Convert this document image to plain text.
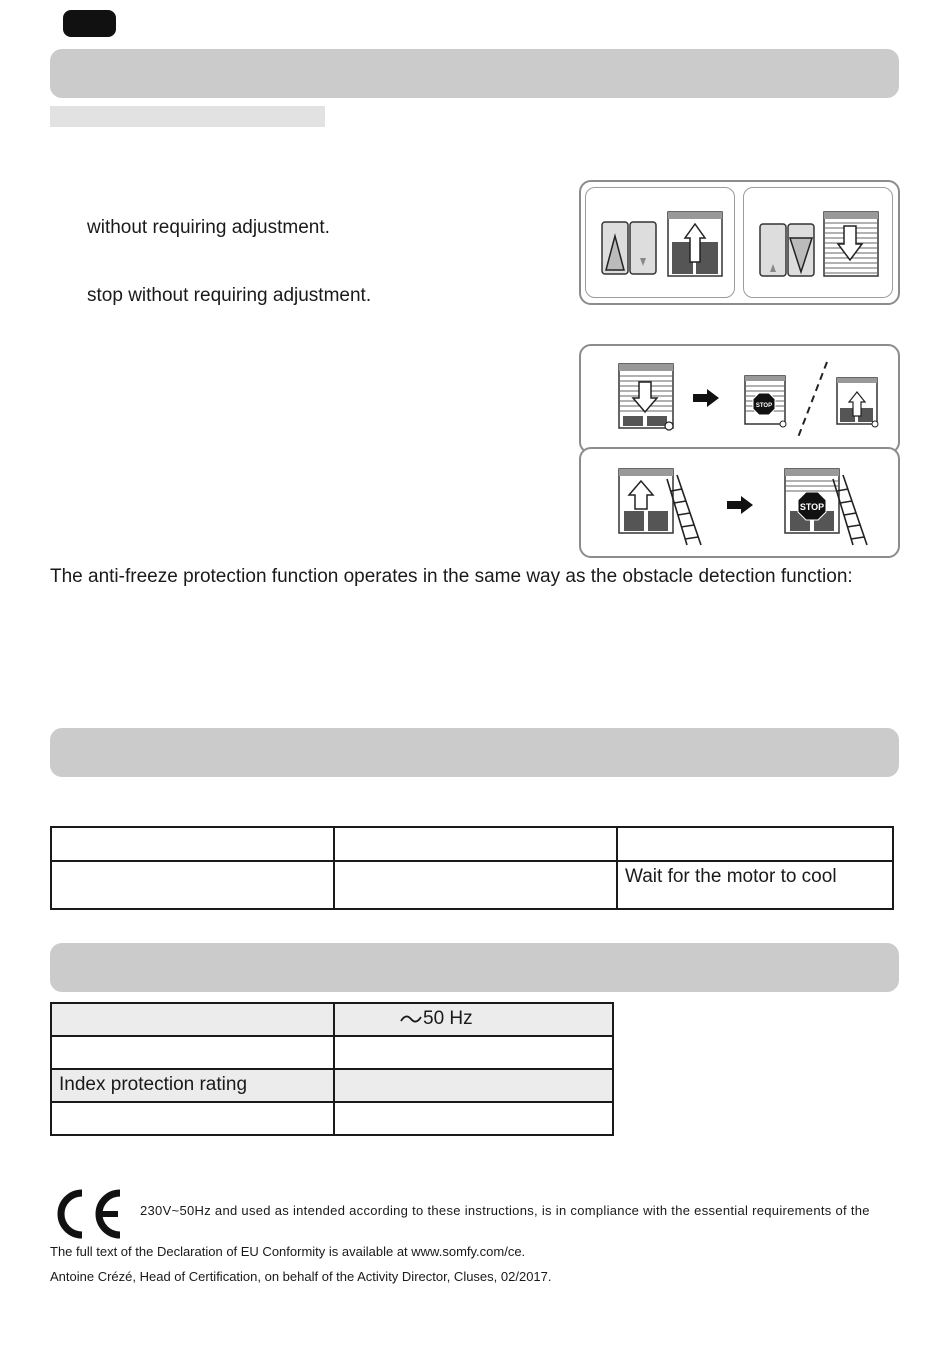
without requiring adjustment.
stop without requiring adjustment.
STOP
STOP
The anti-freeze protection function operates in the same way as the obstacle detection function:

		Wait for the motor to cool
	50 Hz

Index protection rating	

230V~50Hz and used as intended according to these instructions, is in compliance with the essential requirements of the
The full text of the Declaration of EU Conformity is available at www.somfy.com/ce.
Antoine Crézé, Head of Certification, on behalf of the Activity Director, Cluses, 02/2017.
